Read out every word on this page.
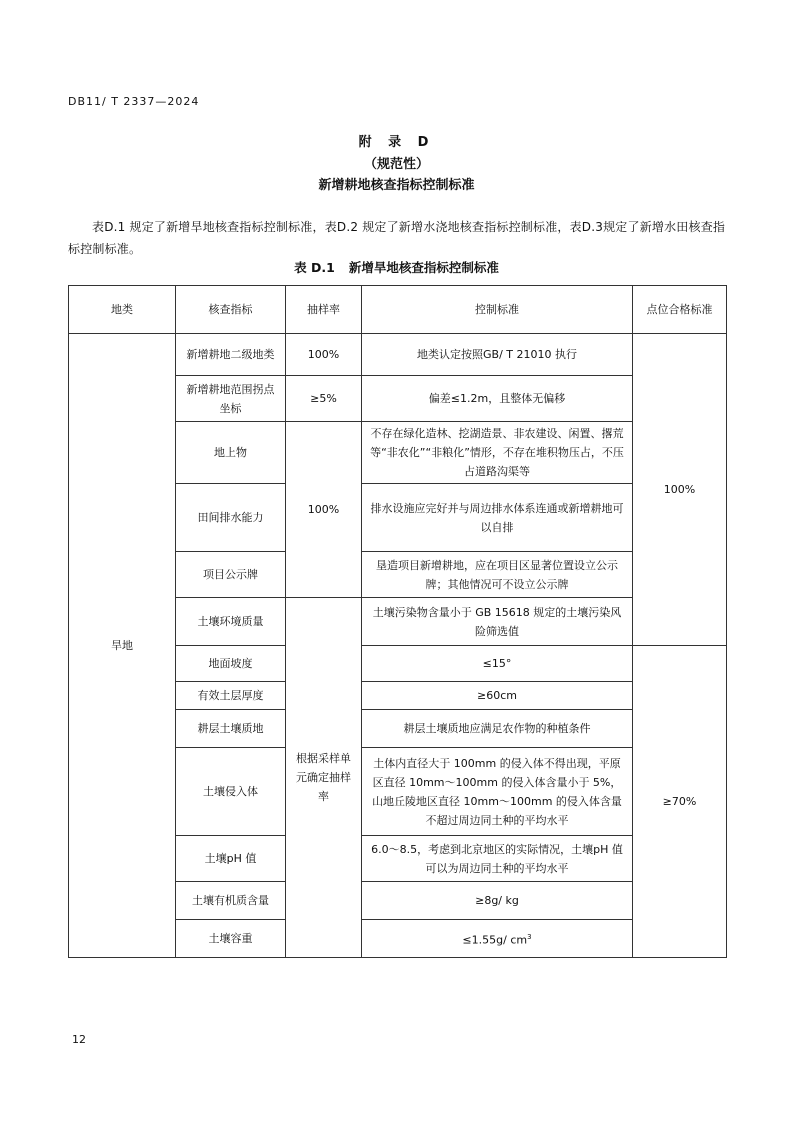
DB11/ T 2337—2024
附 录 D
（规范性）
新增耕地核查指标控制标准

表D.1 规定了新增旱地核查指标控制标准，表D.2 规定了新增水浇地核查指标控制标准，表D.3规定了新增水田核查指标控制标准。

表 D.1 新增旱地核查指标控制标准
地类	核查指标	抽样率	控制标准	点位合格标准
旱地	新增耕地二级地类	100%	地类认定按照GB/ T 21010 执行	100%
	新增耕地范围拐点坐标	≥5%	偏差≤1.2m，且整体无偏移	
	地上物	100%	不存在绿化造林、挖湖造景、非农建设、闲置、撂荒等“非农化”“非粮化”情形，不存在堆积物压占，不压占道路沟渠等	
	田间排水能力		排水设施应完好并与周边排水体系连通或新增耕地可以自排	
	项目公示牌		垦造项目新增耕地，应在项目区显著位置设立公示牌；其他情况可不设立公示牌	
	土壤环境质量	根据采样单元确定抽样率	土壤污染物含量小于 GB 15618 规定的土壤污染风险筛选值	
	地面坡度		≤15°	≥70%
	有效土层厚度		≥60cm	
	耕层土壤质地		耕层土壤质地应满足农作物的种植条件	
	土壤侵入体		土体内直径大于 100mm 的侵入体不得出现，平原区直径 10mm～100mm 的侵入体含量小于 5%，山地丘陵地区直径 10mm～100mm 的侵入体含量不超过周边同土种的平均水平	
	土壤pH 值		6.0～8.5，考虑到北京地区的实际情况，土壤pH 值可以为周边同土种的平均水平	
	土壤有机质含量		≥8g/ kg	
	土壤容重		≤1.55g/ $cm^3$
12
